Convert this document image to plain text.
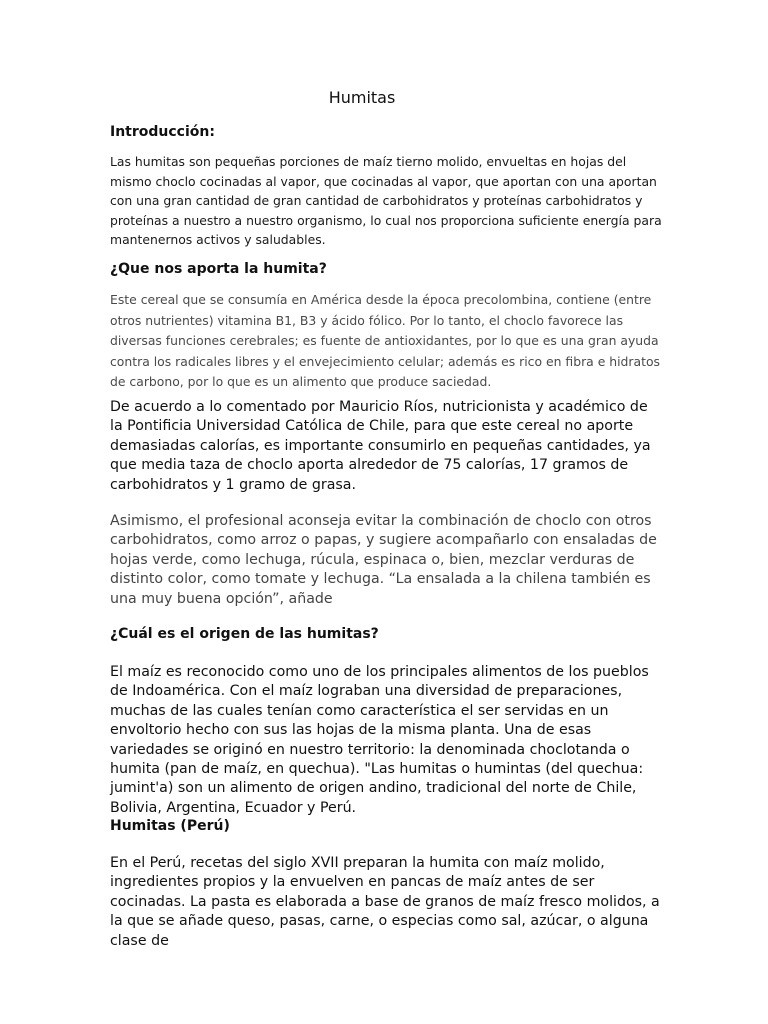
Humitas
Introducción:
Las humitas son pequeñas porciones de maíz tierno molido, envueltas en hojas del mismo choclo cocinadas al vapor, que cocinadas al vapor, que aportan con una aportan con una gran cantidad de gran cantidad de carbohidratos y proteínas carbohidratos y proteínas a nuestro a nuestro organismo, lo cual nos proporciona suficiente energía para mantenernos activos y saludables.
¿Que nos aporta la humita?
Este cereal que se consumía en América desde la época precolombina, contiene (entre otros nutrientes) vitamina B1, B3 y ácido fólico. Por lo tanto, el choclo favorece las diversas funciones cerebrales; es fuente de antioxidantes, por lo que es una gran ayuda contra los radicales libres y el envejecimiento celular; además es rico en fibra e hidratos de carbono, por lo que es un alimento que produce saciedad.
De acuerdo a lo comentado por Mauricio Ríos, nutricionista y académico de la Pontificia Universidad Católica de Chile, para que este cereal no aporte demasiadas calorías, es importante consumirlo en pequeñas cantidades, ya que media taza de choclo aporta alrededor de 75 calorías, 17 gramos de carbohidratos y 1 gramo de grasa.
Asimismo, el profesional aconseja evitar la combinación de choclo con otros carbohidratos, como arroz o papas, y sugiere acompañarlo con ensaladas de hojas verde, como lechuga, rúcula, espinaca o, bien, mezclar verduras de distinto color, como tomate y lechuga. “La ensalada a la chilena también es una muy buena opción”, añade
¿Cuál es el origen de las humitas?
El maíz es reconocido como uno de los principales alimentos de los pueblos de Indoamérica. Con el maíz lograban una diversidad de preparaciones, muchas de las cuales tenían como característica el ser servidas en un envoltorio hecho con sus las hojas de la misma planta. Una de esas variedades se originó en nuestro territorio: la denominada choclotanda o humita (pan de maíz, en quechua). "Las humitas o humintas (del quechua: jumint'a) son un alimento de origen andino, tradicional del norte de Chile, Bolivia, Argentina, Ecuador y Perú.
Humitas (Perú)
En el Perú, recetas del siglo XVII preparan la humita con maíz molido, ingredientes propios y la envuelven en pancas de maíz antes de ser cocinadas. La pasta es elaborada a base de granos de maíz fresco molidos, a la que se añade queso, pasas, carne, o especias como sal, azúcar, o alguna clase de
